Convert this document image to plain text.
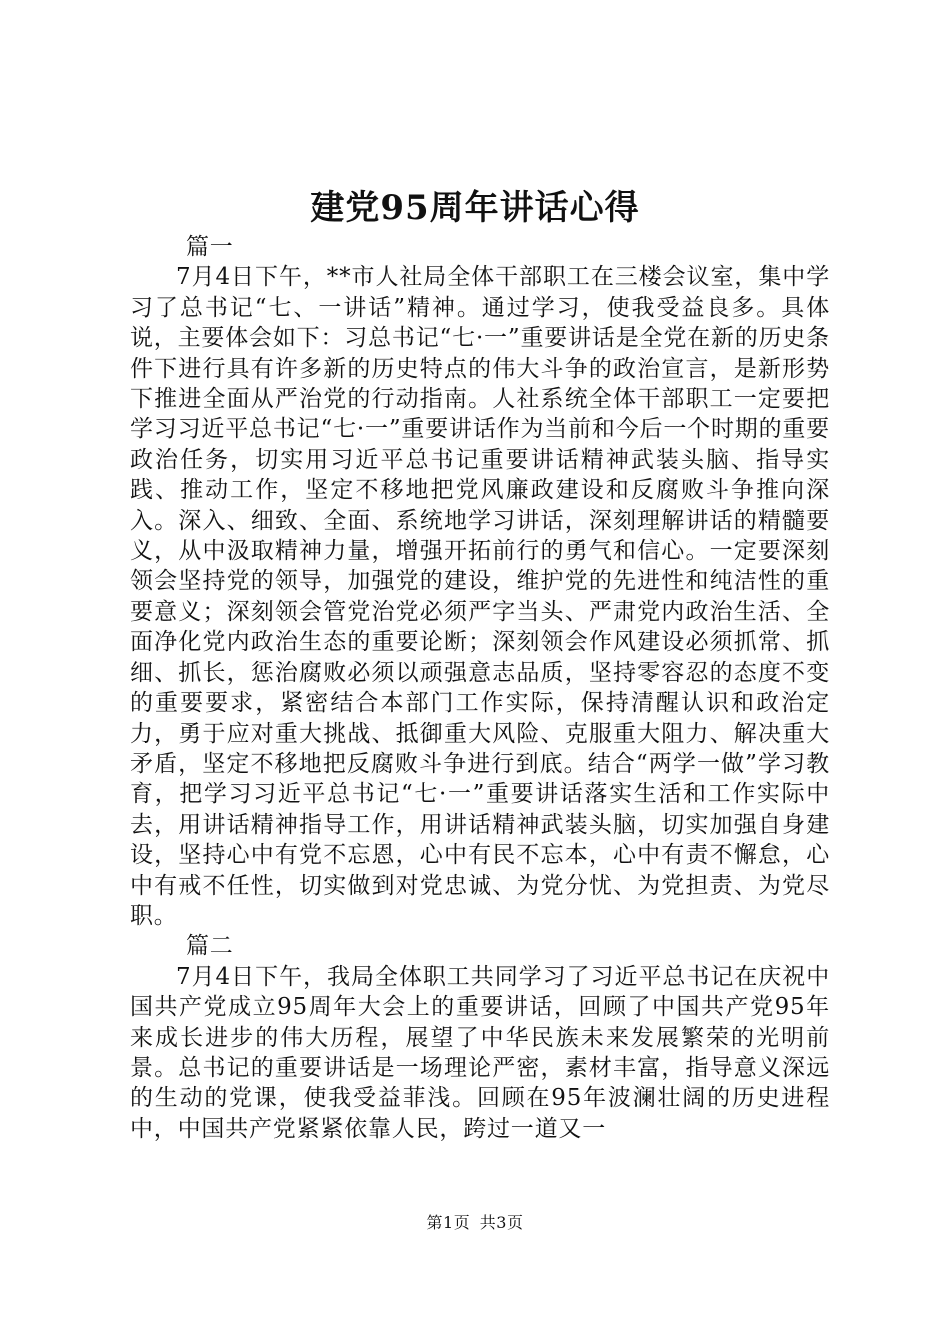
建党95周年讲话心得

篇一

7月4日下午，**市人社局全体干部职工在三楼会议室，集中学习了总书记“七、一讲话”精神。通过学习，使我受益良多。具体说，主要体会如下：习总书记“七·一”重要讲话是全党在新的历史条件下进行具有许多新的历史特点的伟大斗争的政治宣言，是新形势下推进全面从严治党的行动指南。人社系统全体干部职工一定要把学习习近平总书记“七·一”重要讲话作为当前和今后一个时期的重要政治任务，切实用习近平总书记重要讲话精神武装头脑、指导实践、推动工作，坚定不移地把党风廉政建设和反腐败斗争推向深入。深入、细致、全面、系统地学习讲话，深刻理解讲话的精髓要义，从中汲取精神力量，增强开拓前行的勇气和信心。一定要深刻领会坚持党的领导，加强党的建设，维护党的先进性和纯洁性的重要意义；深刻领会管党治党必须严字当头、严肃党内政治生活、全面净化党内政治生态的重要论断；深刻领会作风建设必须抓常、抓细、抓长，惩治腐败必须以顽强意志品质，坚持零容忍的态度不变的重要要求，紧密结合本部门工作实际，保持清醒认识和政治定力，勇于应对重大挑战、抵御重大风险、克服重大阻力、解决重大矛盾，坚定不移地把反腐败斗争进行到底。结合“两学一做”学习教育，把学习习近平总书记“七·一”重要讲话落实生活和工作实际中去，用讲话精神指导工作，用讲话精神武装头脑，切实加强自身建设，坚持心中有党不忘恩，心中有民不忘本，心中有责不懈怠，心中有戒不任性，切实做到对党忠诚、为党分忧、为党担责、为党尽职。

篇二

7月4日下午，我局全体职工共同学习了习近平总书记在庆祝中国共产党成立95周年大会上的重要讲话，回顾了中国共产党95年来成长进步的伟大历程，展望了中华民族未来发展繁荣的光明前景。总书记的重要讲话是一场理论严密，素材丰富，指导意义深远的生动的党课，使我受益菲浅。回顾在95年波澜壮阔的历史进程中，中国共产党紧紧依靠人民，跨过一道又一

第1页 共3页
